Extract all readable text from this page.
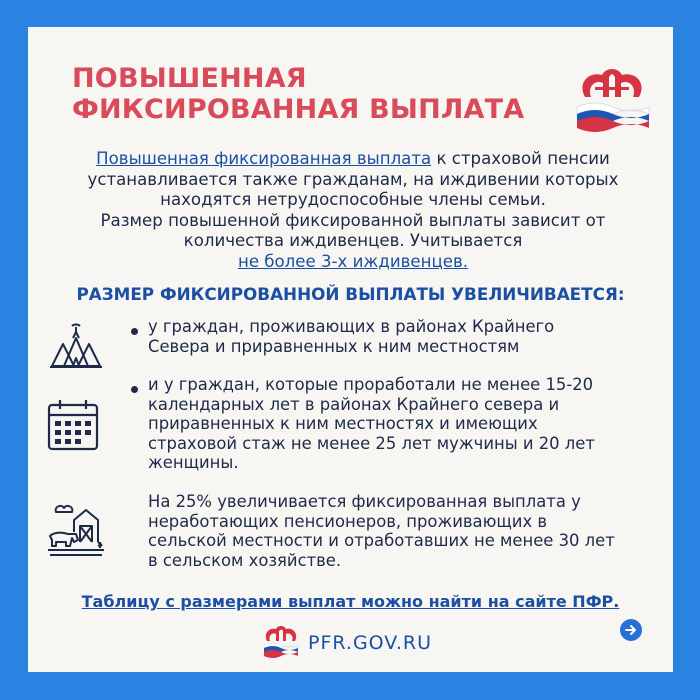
ПОВЫШЕННАЯ ФИКСИРОВАННАЯ ВЫПЛАТА
Повышенная фиксированная выплата к страховой пенсии
устанавливается также гражданам, на иждивении которых
находятся нетрудоспособные члены семьи.
Размер повышенной фиксированной выплаты зависит от
количества иждивенцев. Учитывается
не более 3-х иждивенцев.
РАЗМЕР ФИКСИРОВАННОЙ ВЫПЛАТЫ УВЕЛИЧИВАЕТСЯ:
у граждан, проживающих в районах Крайнего
Севера и приравненных к ним местностям
и у граждан, которые проработали не менее 15-20
календарных лет в районах Крайнего севера и
приравненных к ним местностях и имеющих
страховой стаж не менее 25 лет мужчины и 20 лет
женщины.
На 25% увеличивается фиксированная выплата у
неработающих пенсионеров, проживающих в
сельской местности и отработавших не менее 30 лет
в сельском хозяйстве.
Таблицу с размерами выплат можно найти на сайте ПФР.
PFR.GOV.RU
